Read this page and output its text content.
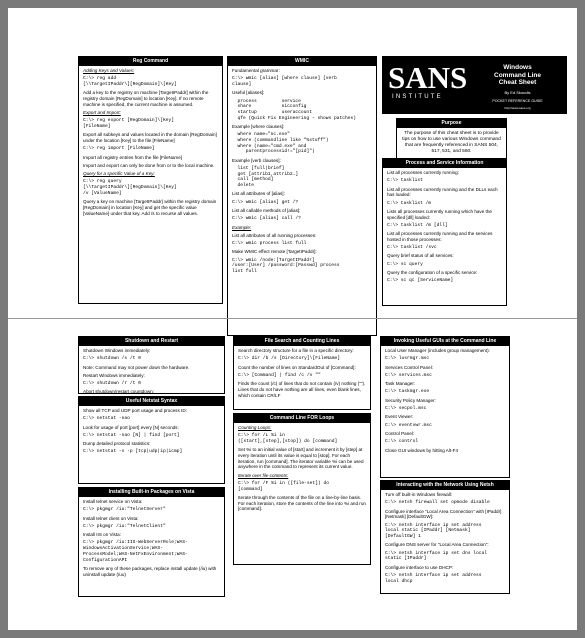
Reg Command

Adding Keys and Values:

C:\> reg add
[\\TargetIPaddr\][RegDomain]\[Key]

Add a key to the registry on machine [TargetIPaddr] within the registry domain [RegDomain] to location [Key]. If no remote machine is specified, the current machine is assumed.

Export and Import:

C:\> reg export [RegDomain]\[Key]
[FileName]

Export all subkeys and values located in the domain [RegDomain] under the location [Key] to the file [FileName]

C:\> reg import [FileName]

Import all registry entries from the file [FileName]

Import and export can only be done from or to the local machine.

Query for a specific Value of a Key:

C:\> reg query
[\\TargetIPaddr\][RegDomain]\[Key]
/v [ValueName]

Query a key on machine [TargetIPaddr] within the registry domain [RegDomain] in location [Key] and get the specific value [ValueName] under that key. Add /s to recurse all values.

WMIC

Fundamental grammar:

C:\> wmic [alias] [where clause] [verb
clause]

Useful [aliases]:

process         service
share           nicconfig
startup         useraccount
qfe (Quick Fix Engineering – shows patches)

Example [where clauses]:

where name="nc.exe"
where (commandline like "%stuff")
where (name="cmd.exe" and
parentprocessid!="[pid]")

Example [verb clauses]:

list [full|brief]
get [attrib1,attrib2…]
call [method]
delete

List all attributes of [alias]:

C:\> wmic [alias] get /?

List all callable methods of [alias]:

C:\> wmic [alias] call /?

Example:

List all attributes of all running processes:

C:\> wmic process list full

Make WMIC effect remote [TargetIPaddr]:

C:\> wmic /node:[TargetIPaddr]
/user:[User] /password:[Passwd] process
list full

SANS
INSTITUTE
Windows
Command Line
Cheat Sheet
By Ed Skoudis
POCKET REFERENCE GUIDE
http://www.sans.org
Purpose
The purpose of this cheat sheet is to provide tips on how to use various Windows command that are frequently referenced in SANS 504, 517, 531, and 560.
Process and Service Information

List all processes currently running:

C:\> tasklist

List all processes currently running and the DLLs each has loaded:

C:\> tasklist /m

Lists all processes currently running which have the specified [dll] loaded:

C:\> tasklist /m [dll]

List all processes currently running and the services hosted in those processes:

C:\> tasklist /svc

Query brief status of all services:

C:\> sc query

Query the configuration of a specific service:

C:\> sc qc [ServiceName]

Shutdown and Restart

Shutdown Windows immediately:

C:\> shutdown /s /t 0

Note: Command may not power down the hardware.

Restart Windows immediately:

C:\> shutdown /r /t 0

Abort shutdown/restart countdown:

Useful Netstat Syntax

Show all TCP and UDP port usage and process ID:

C:\> netstat -nao

Look for usage of port [port] every [N] seconds:

C:\> netstat -nao [N] | find [port]

Dump detailed protocol statistics:

C:\> netstat -s -p [tcp|udp|ip|icmp]

Installing Built-in Packages on Vista

Install telnet service on Vista:

C:\> pkgmgr /iu:"TelnetServer"

Install telnet client on Vista:

C:\> pkgmgr /iu:"TelnetClient"

Install IIS on Vista:

C:\> pkgmgr /iu:IIS-WebServerRole;WAS-
WindowsActivationService;WAS-
ProcessModel;WAS-NetFxEnvironment;WAS-
ConfigurationAPI

To remove any of these packages, replace install update (/iu) with uninstall update (/uu)

File Search and Counting Lines

Search directory structure for a file in a specific directory:

C:\> dir /b /s [Directory]\[FileName]

Count the number of lines on StandardOut of [Command]:

C:\> [Command] | find /c /v ""

Finds the count (/c) of lines that do not contain (/v) nothing (""). Lines that do not have nothing are all lines, even blank lines, which contain CR/LF

Command Line FOR Loops

Counting Loops:

C:\> for /L %i in
([start],[step],[stop]) do [command]

Set %i to an initial value of [start] and increment it by [step] at every iteration until its value is equal to [stop]. For each iteration, run [command]. The iterator variable %i can be used anywhere in the command to represent its current value.

Iterate over file contents:

C:\> for /F %i in ([file-set]) do
[command]

Iterate through the contents of the file on a line-by-line basis. For each iteration, store the contents of the line into %i and run [command].

Invoking Useful GUIs at the Command Line

Local User Manager (includes group management):

C:\> lusrmgr.msc

Services Control Panel:

C:\> services.msc

Task Manager:

C:\> taskmgr.exe

Security Policy Manager:

C:\> secpol.msc

Event Viewer:

C:\> eventvwr.msc

Control Panel:

C:\> control

Close GUI windows by hitting Alt-F4

Interacting with the Network Using Netsh

Turn off built-in Windows firewall:

C:\> netsh firewall set opmode disable

Configure interface "Local Area Connection" with [IPaddr] [Netmask] [DefaultGW]:

C:\> netsh interface ip set address
local static [IPaddr] [Netmask]
[DefaultGW] 1

Configure DNS server for "Local Area Connection":

C:\> netsh interface ip set dns local
static [IPaddr]

Configure interface to use DHCP:

C:\> netsh interface ip set address
local dhcp
